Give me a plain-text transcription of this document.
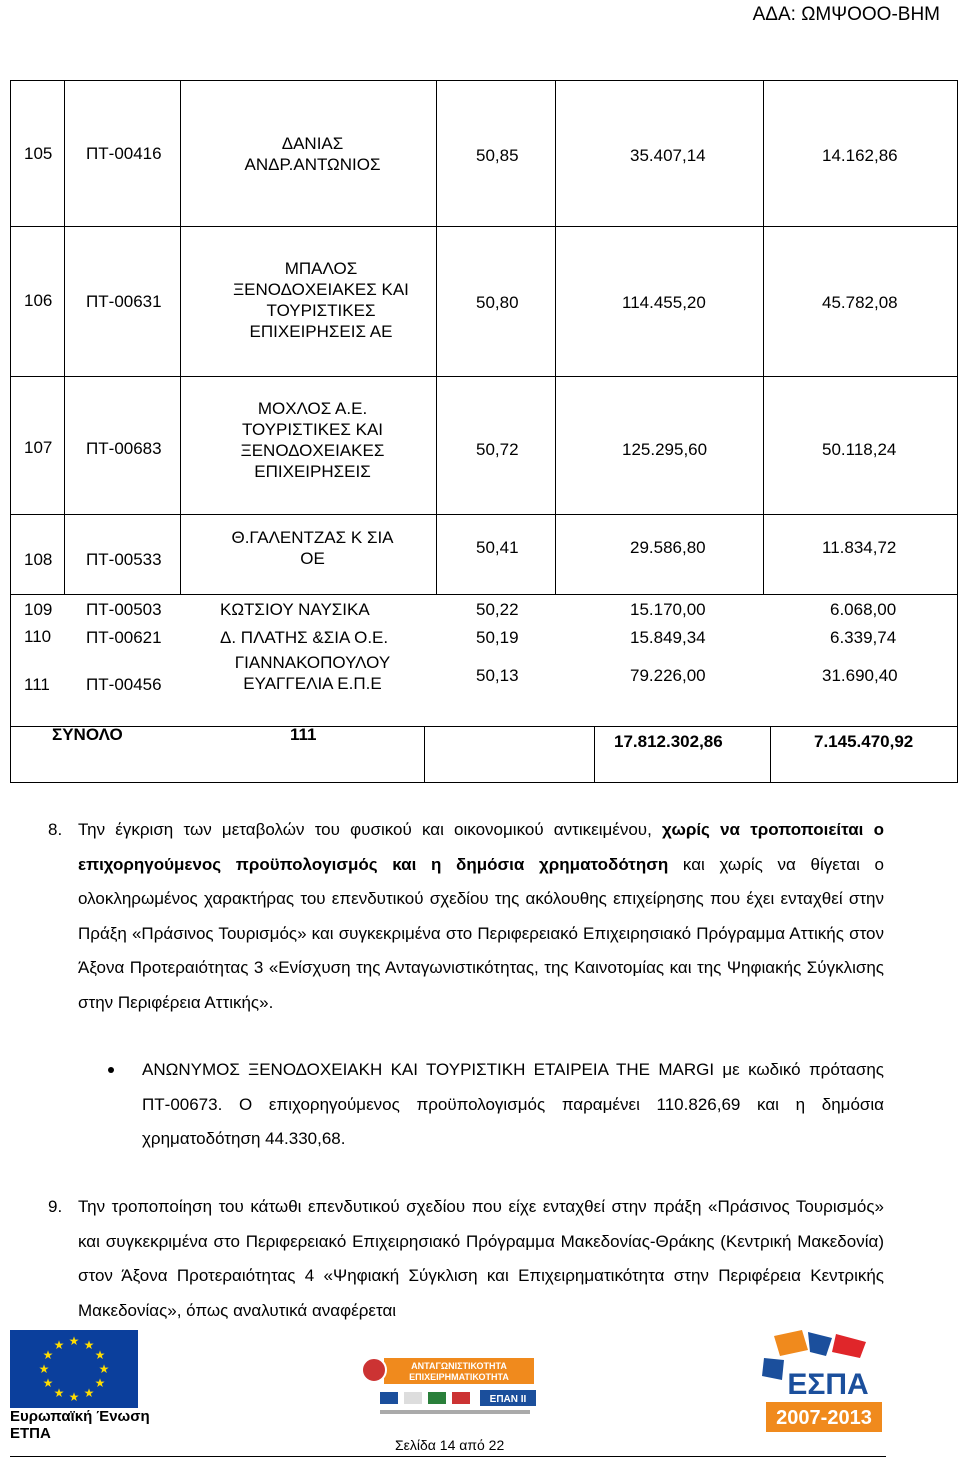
ΑΔΑ: ΩΜΨΟΟΟ-ΒΗΜ
105 ΠΤ-00416
ΔΑΝΙΑΣ
ΑΝΔΡ.ΑΝΤΩΝΙΟΣ	50,85	35.407,14	14.162,86
106 ΠΤ-00631
ΜΠΑΛΟΣ
ΞΕΝΟΔΟΧΕΙΑΚΕΣ ΚΑΙ
ΤΟΥΡΙΣΤΙΚΕΣ
ΕΠΙΧΕΙΡΗΣΕΙΣ ΑΕ
50,80	114.455,20	45.782,08
107 ΠΤ-00683
ΜΟΧΛΟΣ Α.Ε.
ΤΟΥΡΙΣΤΙΚΕΣ ΚΑΙ
ΞΕΝΟΔΟΧΕΙΑΚΕΣ
ΕΠΙΧΕΙΡΗΣΕΙΣ
50,72	125.295,60	50.118,24
108 ΠΤ-00533
Θ.ΓΑΛΕΝΤΖΑΣ Κ ΣΙΑ
ΟΕ
50,41	29.586,80	11.834,72
109 ΠΤ-00503	ΚΩΤΣΙΟΥ ΝΑΥΣΙΚΑ	50,22	15.170,00	6.068,00
110 ΠΤ-00621	Δ. ΠΛΑΤΗΣ &ΣΙΑ Ο.Ε.	50,19	15.849,34	6.339,74
111 ΠΤ-00456
ΓΙΑΝΝΑΚΟΠΟΥΛΟΥ
ΕΥΑΓΓΕΛΙΑ Ε.Π.Ε	50,13	79.226,00	31.690,40
ΣΥΝΟΛΟ	111	17.812.302,86	7.145.470,92
8. Την έγκριση των μεταβολών του φυσικού και οικονομικού αντικειμένου, χωρίς να τροποποιείται ο επιχορηγούμενος προϋπολογισμός και η δημόσια χρηματοδότηση και χωρίς να θίγεται ο ολοκληρωμένος χαρακτήρας του επενδυτικού σχεδίου της ακόλουθης επιχείρησης που έχει ενταχθεί στην Πράξη «Πράσινος Τουρισμός» και συγκεκριμένα στο Περιφερειακό Επιχειρησιακό Πρόγραμμα Αττικής στον Άξονα Προτεραιότητας 3 «Ενίσχυση της Ανταγωνιστικότητας, της Καινοτομίας και της Ψηφιακής Σύγκλισης στην Περιφέρεια Αττικής».
ΑΝΩΝΥΜΟΣ ΞΕΝΟΔΟΧΕΙΑΚΗ ΚΑΙ ΤΟΥΡΙΣΤΙΚΗ ΕΤΑΙΡΕΙΑ ΤΗΕ MARGI με κωδικό πρότασης ΠΤ-00673. Ο επιχορηγούμενος προϋπολογισμός παραμένει 110.826,69 και η δημόσια χρηματοδότηση 44.330,68.
9. Την τροποποίηση του κάτωθι επενδυτικού σχεδίου που είχε ενταχθεί στην πράξη «Πράσινος Τουρισμός» και συγκεκριμένα στο Περιφερειακό Επιχειρησιακό Πρόγραμμα Μακεδονίας-Θράκης (Κεντρική Μακεδονία) στον Άξονα Προτεραιότητας 4 «Ψηφιακή Σύγκλιση και Επιχειρηματικότητα στην Περιφέρεια Κεντρικής Μακεδονίας», όπως αναλυτικά αναφέρεται
★ ★
★
★
★
★
★
★
★
★
★
★
Ευρωπαϊκή Ένωση
ΕΤΠΑ
ΑΝΤΑΓΩΝΙΣΤΙΚΟΤΗΤΑ
ΕΠΙΧΕΙΡΗΜΑΤΙΚΟΤΗΤΑ
ΕΠΑΝ II	ΕΣΠΑ
2007-2013
Σελίδα 14 από 22
